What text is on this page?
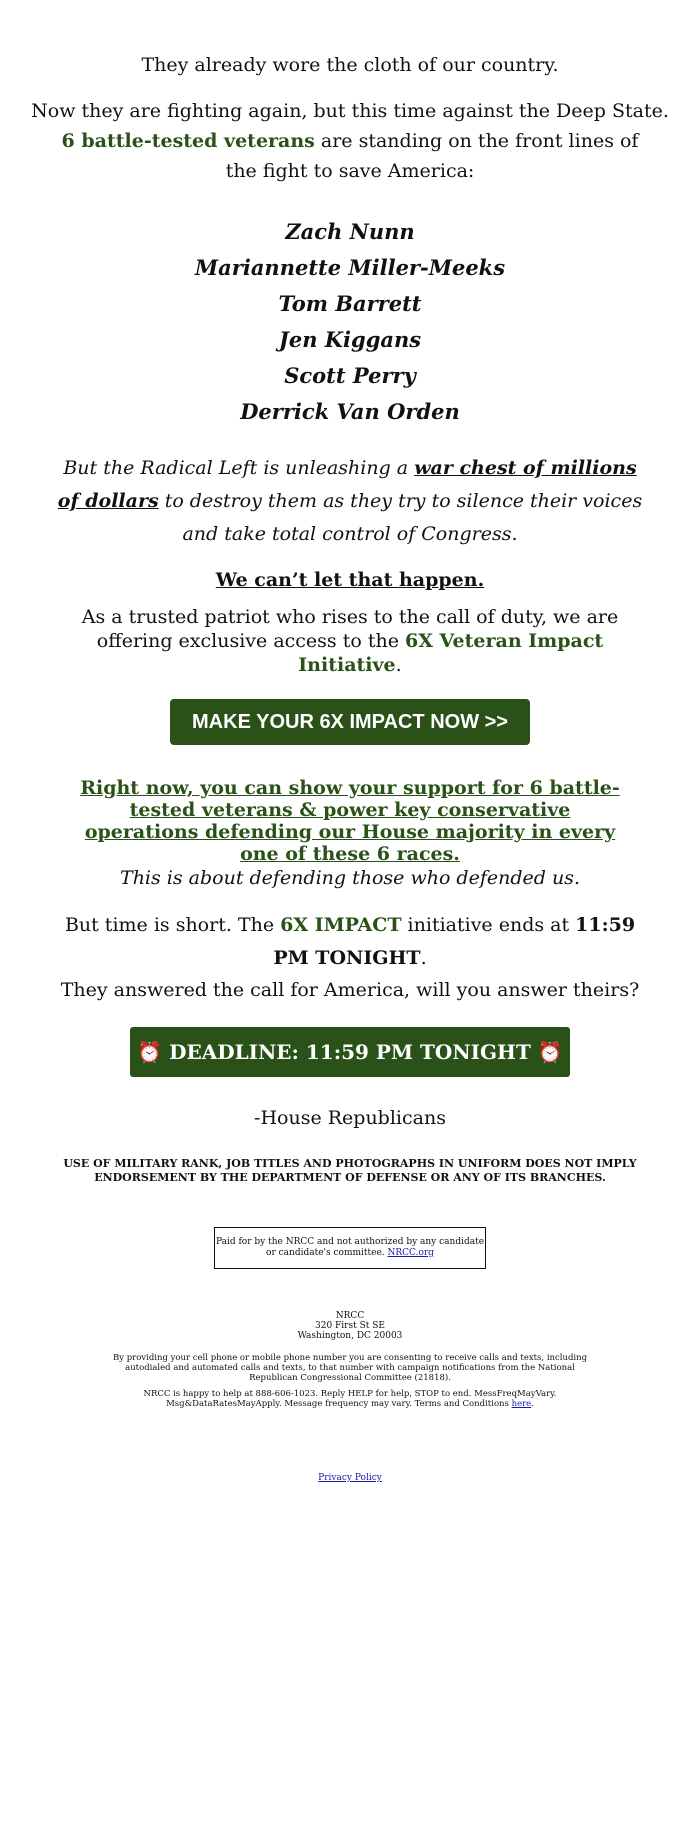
They already wore the cloth of our country.

Now they are fighting again, but this time against the Deep State.

6 battle-tested veterans are standing on the front lines of the fight to save America:

Zach Nunn

Mariannette Miller-Meeks

Tom Barrett

Jen Kiggans

Scott Perry

Derrick Van Orden

But the Radical Left is unleashing a war chest of millions of dollars to destroy them as they try to silence their voices and take total control of Congress.

We can’t let that happen.

As a trusted patriot who rises to the call of duty, we are offering exclusive access to the 6X Veteran Impact Initiative.

MAKE YOUR 6X IMPACT NOW >>

Right now, you can show your support for 6 battle-tested veterans & power key conservative operations defending our House majority in every one of these 6 races.

This is about defending those who defended us.

But time is short. The 6X IMPACT initiative ends at 11:59 PM TONIGHT.

They answered the call for America, will you answer theirs?

⏰ DEADLINE: 11:59 PM TONIGHT ⏰

-House Republicans

USE OF MILITARY RANK, JOB TITLES AND PHOTOGRAPHS IN UNIFORM DOES NOT IMPLY ENDORSEMENT BY THE DEPARTMENT OF DEFENSE OR ANY OF ITS BRANCHES.

Paid for by the NRCC and not authorized by any candidate or candidate's committee. NRCC.org

NRCC

320 First St SE

Washington, DC 20003

By providing your cell phone or mobile phone number you are consenting to receive calls and texts, including autodialed and automated calls and texts, to that number with campaign notifications from the National Republican Congressional Committee (21818).

NRCC is happy to help at 888-606-1023. Reply HELP for help, STOP to end. MessFreqMayVary. Msg&DataRatesMayApply. Message frequency may vary. Terms and Conditions here.

Privacy Policy
